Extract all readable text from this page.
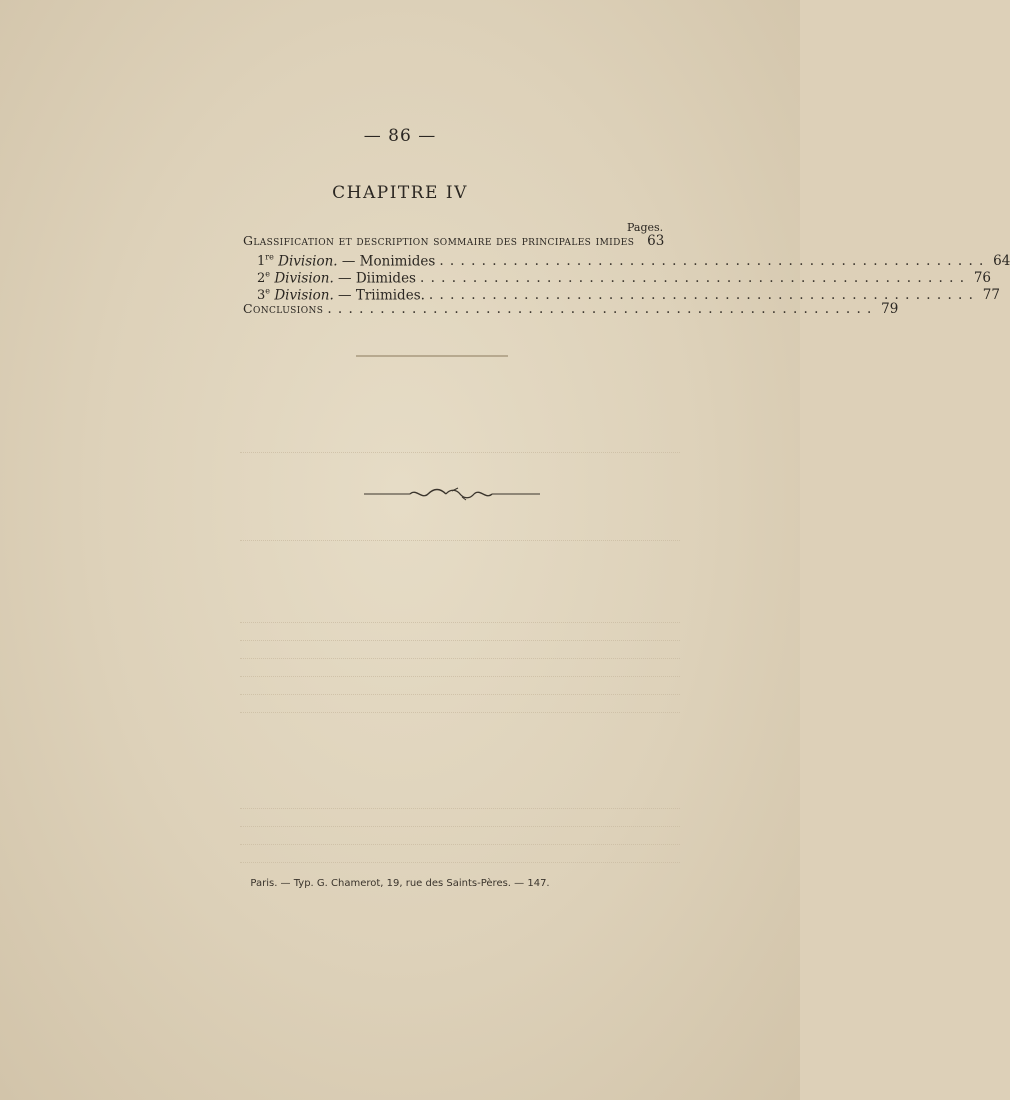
— 86 —
CHAPITRE IV
Pages.
Glassification et description sommaire des principales imides 63
1re Division. — Monimides . . .	64
2e Division. — Diimides . . .	76
3e Division. — Triimides. . . .	77
Conclusions . . .	79
Paris. — Typ. G. Chamerot, 19, rue des Saints-Pères. — 147.
